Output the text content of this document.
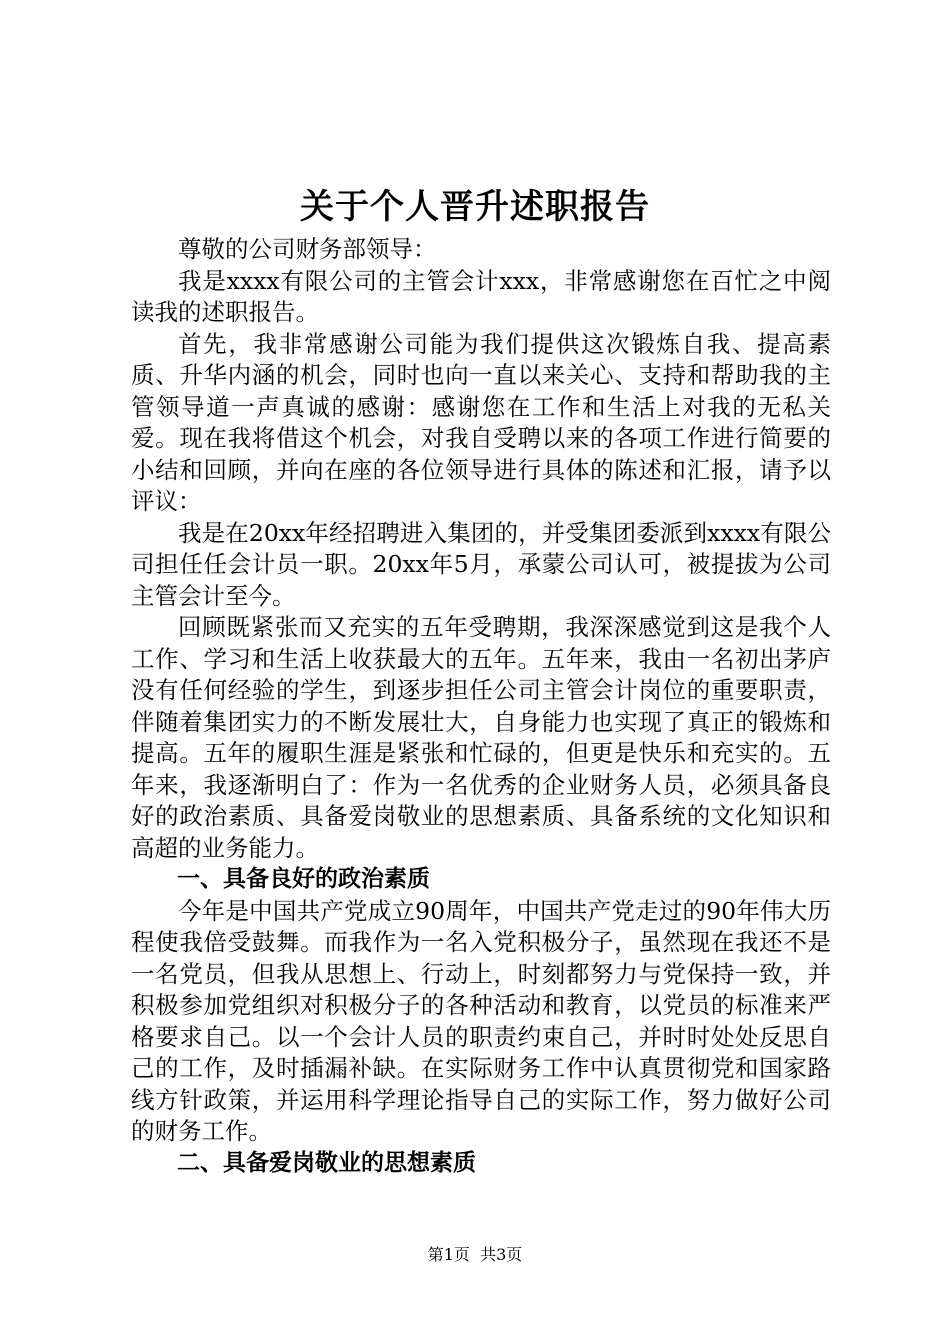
关于个人晋升述职报告

尊敬的公司财务部领导：

我是xxxx有限公司的主管会计xxx，非常感谢您在百忙之中阅读我的述职报告。

首先，我非常感谢公司能为我们提供这次锻炼自我、提高素质、升华内涵的机会，同时也向一直以来关心、支持和帮助我的主管领导道一声真诚的感谢：感谢您在工作和生活上对我的无私关爱。现在我将借这个机会，对我自受聘以来的各项工作进行简要的小结和回顾，并向在座的各位领导进行具体的陈述和汇报，请予以评议：

我是在20xx年经招聘进入集团的，并受集团委派到xxxx有限公司担任任会计员一职。20xx年5月，承蒙公司认可，被提拔为公司主管会计至今。

回顾既紧张而又充实的五年受聘期，我深深感觉到这是我个人工作、学习和生活上收获最大的五年。五年来，我由一名初出茅庐没有任何经验的学生，到逐步担任公司主管会计岗位的重要职责，伴随着集团实力的不断发展壮大，自身能力也实现了真正的锻炼和提高。五年的履职生涯是紧张和忙碌的，但更是快乐和充实的。五年来，我逐渐明白了：作为一名优秀的企业财务人员，必须具备良好的政治素质、具备爱岗敬业的思想素质、具备系统的文化知识和高超的业务能力。

一、具备良好的政治素质

今年是中国共产党成立90周年，中国共产党走过的90年伟大历程使我倍受鼓舞。而我作为一名入党积极分子，虽然现在我还不是一名党员，但我从思想上、行动上，时刻都努力与党保持一致，并积极参加党组织对积极分子的各种活动和教育，以党员的标准来严格要求自己。以一个会计人员的职责约束自己，并时时处处反思自己的工作，及时插漏补缺。在实际财务工作中认真贯彻党和国家路线方针政策，并运用科学理论指导自己的实际工作，努力做好公司的财务工作。

二、具备爱岗敬业的思想素质

第1页  共3页
